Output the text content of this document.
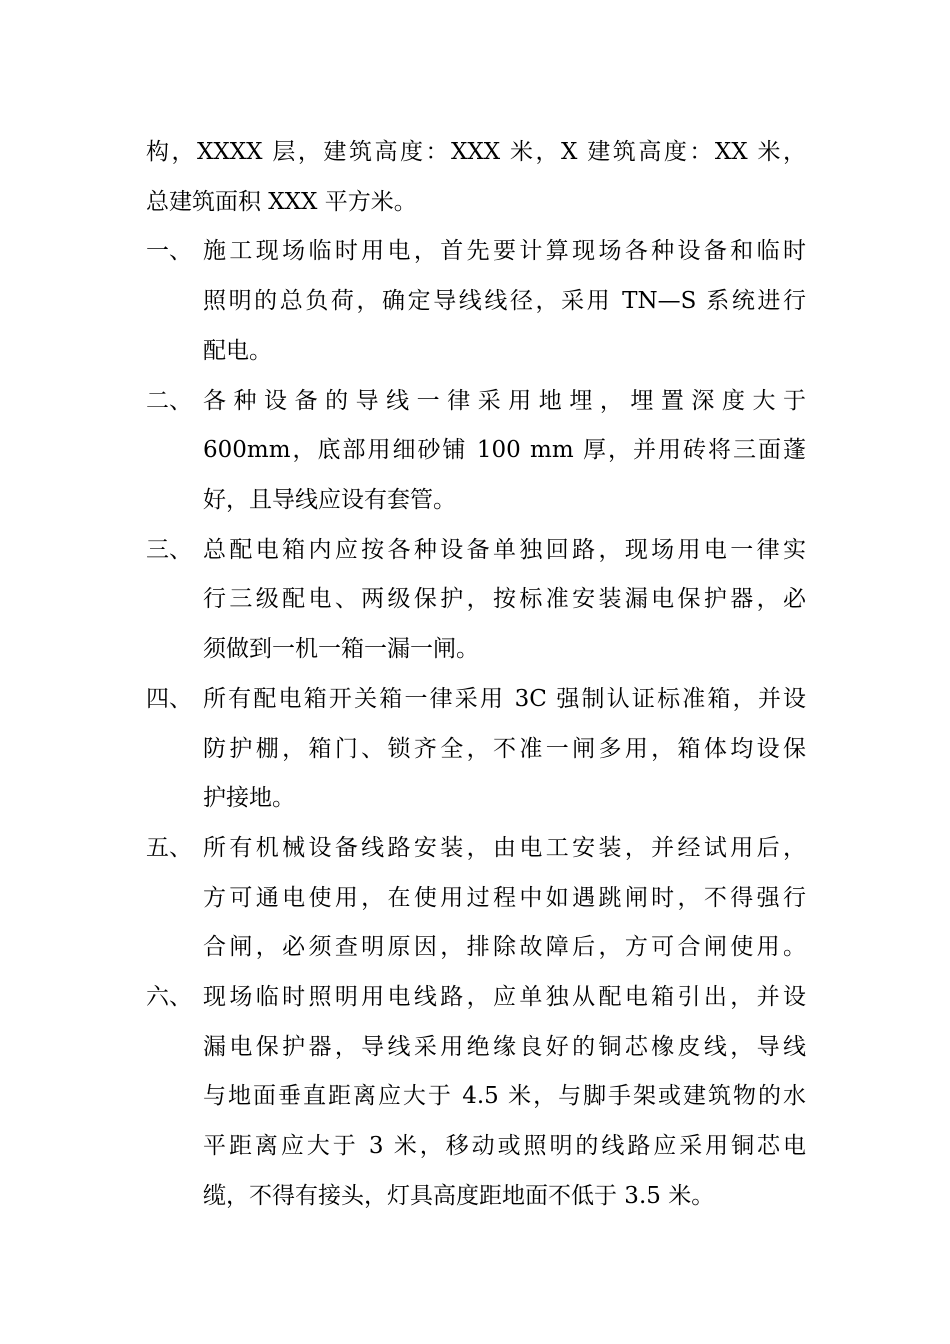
构，XXXX 层，建筑高度：XXX 米，X 建筑高度：XX 米，
总建筑面积 XXX 平方米。
一、 施工现场临时用电，首先要计算现场各种设备和临时
照明的总负荷，确定导线线径，采用 TN—S 系统进行
配电。
二、 各种设备的导线一律采用地埋，埋置深度大于
600mm，底部用细砂铺 100 mm 厚，并用砖将三面蓬
好，且导线应设有套管。
三、 总配电箱内应按各种设备单独回路，现场用电一律实
行三级配电、两级保护，按标准安装漏电保护器，必
须做到一机一箱一漏一闸。
四、 所有配电箱开关箱一律采用 3C 强制认证标准箱，并设
防护棚，箱门、锁齐全，不准一闸多用，箱体均设保
护接地。
五、 所有机械设备线路安装，由电工安装，并经试用后，
方可通电使用，在使用过程中如遇跳闸时，不得强行
合闸，必须查明原因，排除故障后，方可合闸使用。
六、 现场临时照明用电线路，应单独从配电箱引出，并设
漏电保护器，导线采用绝缘良好的铜芯橡皮线，导线
与地面垂直距离应大于 4.5 米，与脚手架或建筑物的水
平距离应大于 3 米，移动或照明的线路应采用铜芯电
缆，不得有接头，灯具高度距地面不低于 3.5 米。
